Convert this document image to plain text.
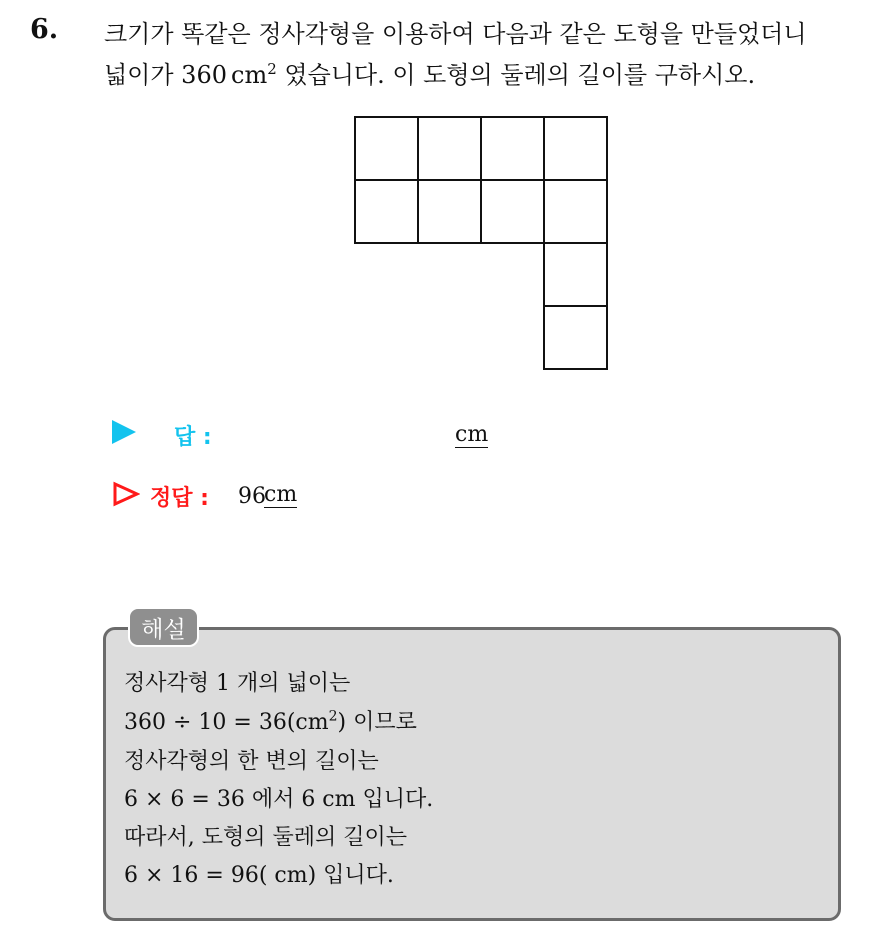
6. 크기가 똑같은 정사각형을 이용하여 다음과 같은 도형을 만들었더니
넓이가 360 $cm^2$ 였습니다. 이 도형의 둘레의 길이를 구하시오.
답 :	cm
정답 : 96
cm
해설
정사각형 1 개의 넓이는
$360 \div 10 = 36(cm^2)$ 이므로
정사각형의 한 변의 길이는
6 × 6 = 36 에서 6 cm 입니다.
따라서, 도형의 둘레의 길이는
6 × 16 = 96( cm) 입니다.
